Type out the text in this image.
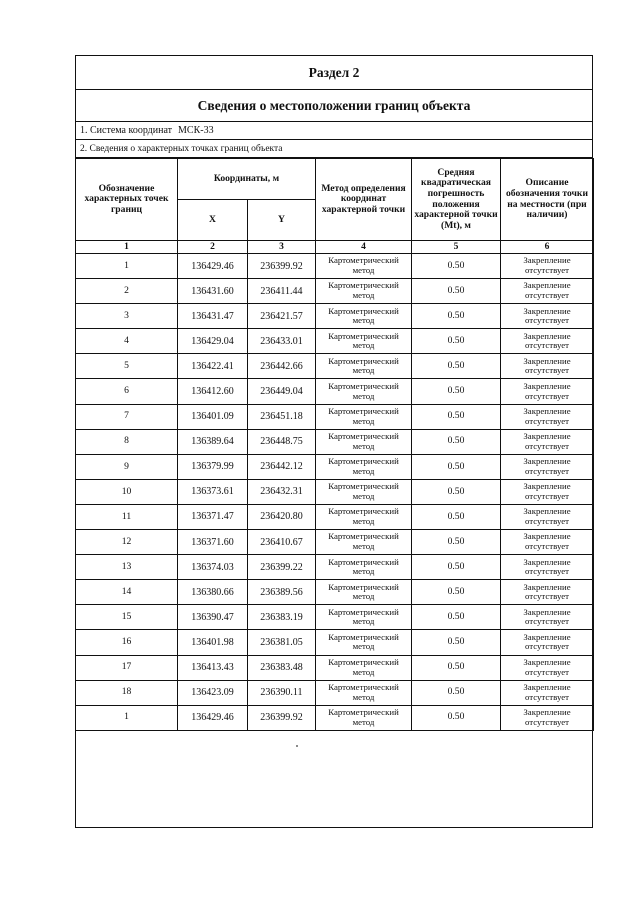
Раздел 2
Сведения о местоположении границ объекта
1. Система координат МСК-33
2. Сведения о характерных точках границ объекта
Обозначение характерных точек границ	Координаты, м		Метод определения координат характерной точки	Средняя квадратическая погрешность положения характерной точки (Mt), м	Описание обозначения точки на местности (при наличии)
	X	Y			
1	2	3	4	5	6
1	136429.46	236399.92	Картометрический метод	0.50	Закрепление отсутствует
2	136431.60	236411.44	Картометрический метод	0.50	Закрепление отсутствует
3	136431.47	236421.57	Картометрический метод	0.50	Закрепление отсутствует
4	136429.04	236433.01	Картометрический метод	0.50	Закрепление отсутствует
5	136422.41	236442.66	Картометрический метод	0.50	Закрепление отсутствует
6	136412.60	236449.04	Картометрический метод	0.50	Закрепление отсутствует
7	136401.09	236451.18	Картометрический метод	0.50	Закрепление отсутствует
8	136389.64	236448.75	Картометрический метод	0.50	Закрепление отсутствует
9	136379.99	236442.12	Картометрический метод	0.50	Закрепление отсутствует
10	136373.61	236432.31	Картометрический метод	0.50	Закрепление отсутствует
11	136371.47	236420.80	Картометрический метод	0.50	Закрепление отсутствует
12	136371.60	236410.67	Картометрический метод	0.50	Закрепление отсутствует
13	136374.03	236399.22	Картометрический метод	0.50	Закрепление отсутствует
14	136380.66	236389.56	Картометрический метод	0.50	Закрепление отсутствует
15	136390.47	236383.19	Картометрический метод	0.50	Закрепление отсутствует
16	136401.98	236381.05	Картометрический метод	0.50	Закрепление отсутствует
17	136413.43	236383.48	Картометрический метод	0.50	Закрепление отсутствует
18	136423.09	236390.11	Картометрический метод	0.50	Закрепление отсутствует
1	136429.46	236399.92	Картометрический метод	0.50	Закрепление отсутствует
